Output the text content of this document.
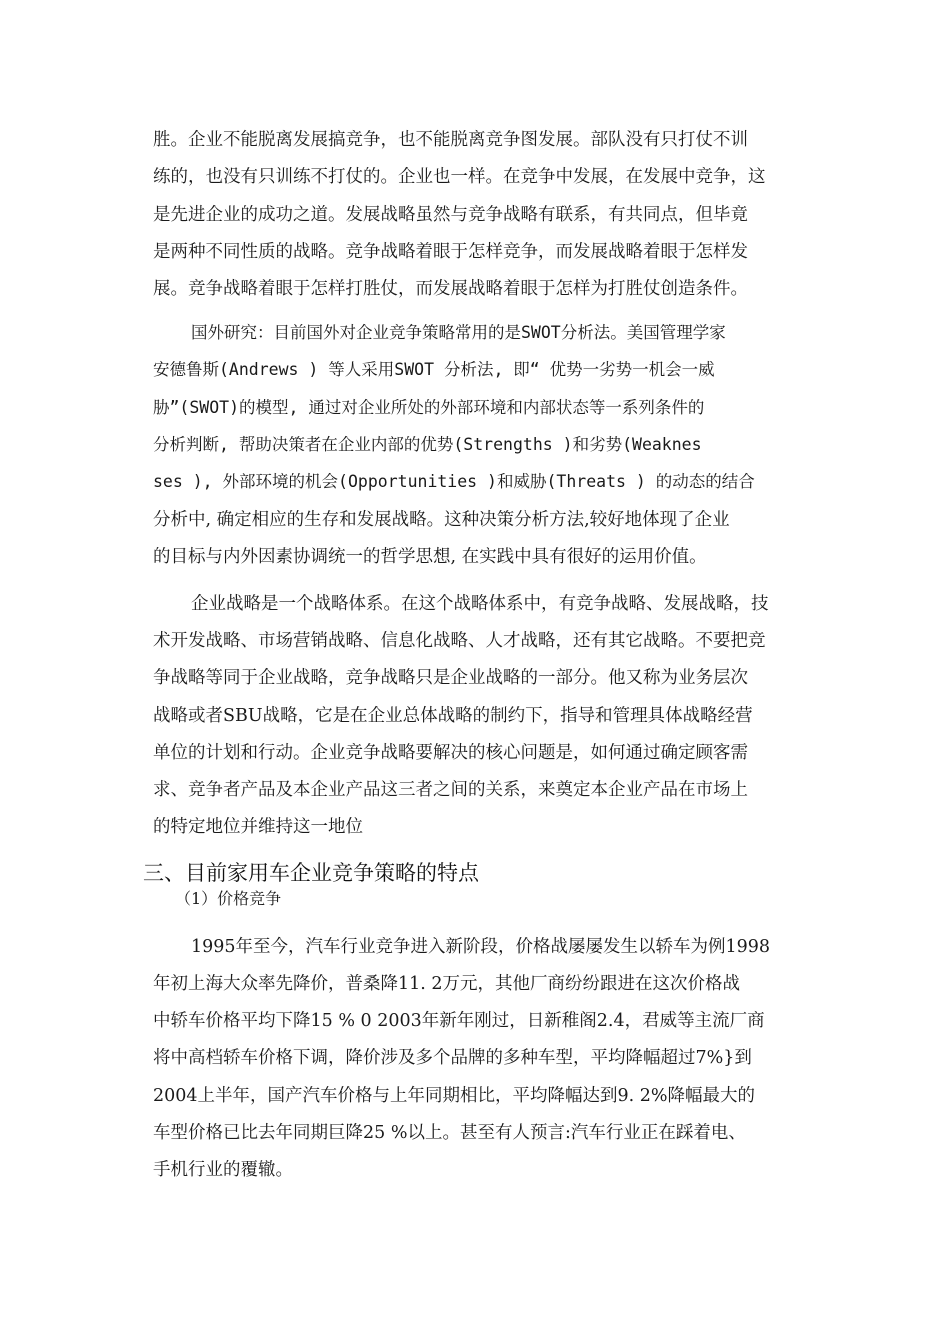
胜。企业不能脱离发展搞竞争，也不能脱离竞争图发展。部队没有只打仗不训

练的，也没有只训练不打仗的。企业也一样。在竞争中发展，在发展中竞争，这

是先进企业的成功之道。发展战略虽然与竞争战略有联系，有共同点，但毕竟

是两种不同性质的战略。竞争战略着眼于怎样竞争，而发展战略着眼于怎样发

展。竞争战略着眼于怎样打胜仗，而发展战略着眼于怎样为打胜仗创造条件。

国外研究：目前国外对企业竞争策略常用的是SWOT分析法。美国管理学家

安德鲁斯(Andrews ) 等人采用SWOT 分析法, 即“ 优势一劣势一机会一威

胁”(SWOT)的模型, 通过对企业所处的外部环境和内部状态等一系列条件的

分析判断, 帮助决策者在企业内部的优势(Strengths )和劣势(Weaknes

ses ), 外部环境的机会(Opportunities )和威胁(Threats ) 的动态的结合

分析中, 确定相应的生存和发展战略。这种决策分析方法,较好地体现了企业

的目标与内外因素协调统一的哲学思想, 在实践中具有很好的运用价值。

企业战略是一个战略体系。在这个战略体系中，有竞争战略、发展战略，技

术开发战略、市场营销战略、信息化战略、人才战略，还有其它战略。不要把竞

争战略等同于企业战略，竞争战略只是企业战略的一部分。他又称为业务层次

战略或者SBU战略，它是在企业总体战略的制约下，指导和管理具体战略经营

单位的计划和行动。企业竞争战略要解决的核心问题是，如何通过确定顾客需

求、竞争者产品及本企业产品这三者之间的关系，来奠定本企业产品在市场上

的特定地位并维持这一地位

三、目前家用车企业竞争策略的特点

（1）价格竞争

1995年至今，汽车行业竞争进入新阶段，价格战屡屡发生以轿车为例1998

年初上海大众率先降价，普桑降11. 2万元，其他厂商纷纷跟进在这次价格战

中轿车价格平均下降15 % 0 2003年新年刚过，日新稚阁2.4，君威等主流厂商

将中高档轿车价格下调，降价涉及多个品牌的多种车型，平均降幅超过7%}到

2004上半年，国产汽车价格与上年同期相比，平均降幅达到9. 2%降幅最大的

车型价格已比去年同期巨降25 %以上。甚至有人预言:汽车行业正在踩着电、

手机行业的覆辙。
